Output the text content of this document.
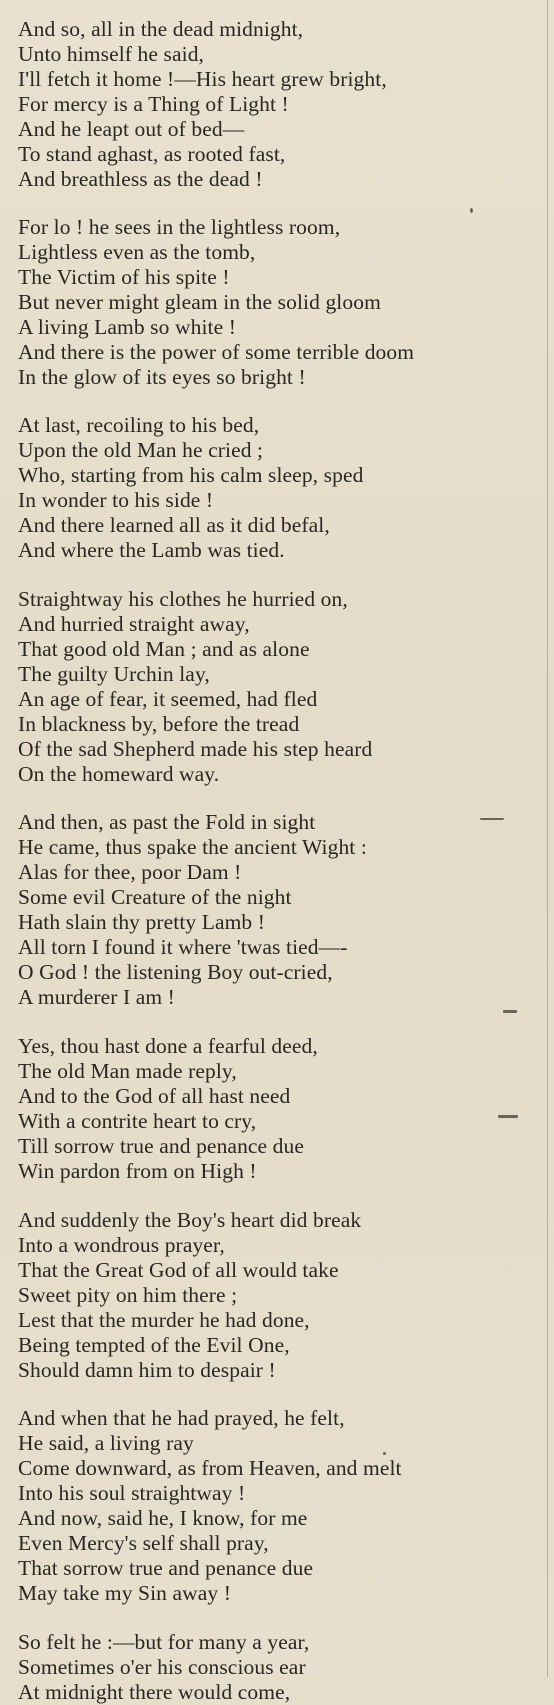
And so, all in the dead midnight,
Unto himself he said,
I'll fetch it home !—His heart grew bright,
For mercy is a Thing of Light !
And he leapt out of bed—
To stand aghast, as rooted fast,
And breathless as the dead !
For lo ! he sees in the lightless room,
Lightless even as the tomb,
The Victim of his spite !
But never might gleam in the solid gloom
A living Lamb so white !
And there is the power of some terrible doom
In the glow of its eyes so bright !
At last, recoiling to his bed,
Upon the old Man he cried ;
Who, starting from his calm sleep, sped
In wonder to his side !
And there learned all as it did befal,
And where the Lamb was tied.
Straightway his clothes he hurried on,
And hurried straight away,
That good old Man ; and as alone
The guilty Urchin lay,
An age of fear, it seemed, had fled
In blackness by, before the tread
Of the sad Shepherd made his step heard
On the homeward way.
And then, as past the Fold in sight
He came, thus spake the ancient Wight :
Alas for thee, poor Dam !
Some evil Creature of the night
Hath slain thy pretty Lamb !
All torn I found it where 'twas tied—-
O God ! the listening Boy out-cried,
A murderer I am !
Yes, thou hast done a fearful deed,
The old Man made reply,
And to the God of all hast need
With a contrite heart to cry,
Till sorrow true and penance due
Win pardon from on High !
And suddenly the Boy's heart did break
Into a wondrous prayer,
That the Great God of all would take
Sweet pity on him there ;
Lest that the murder he had done,
Being tempted of the Evil One,
Should damn him to despair !
And when that he had prayed, he felt,
He said, a living ray
Come downward, as from Heaven, and melt
Into his soul straightway !
And now, said he, I know, for me
Even Mercy's self shall pray,
That sorrow true and penance due
May take my Sin away !
So felt he :—but for many a year,
Sometimes o'er his conscious ear
At midnight there would come,
